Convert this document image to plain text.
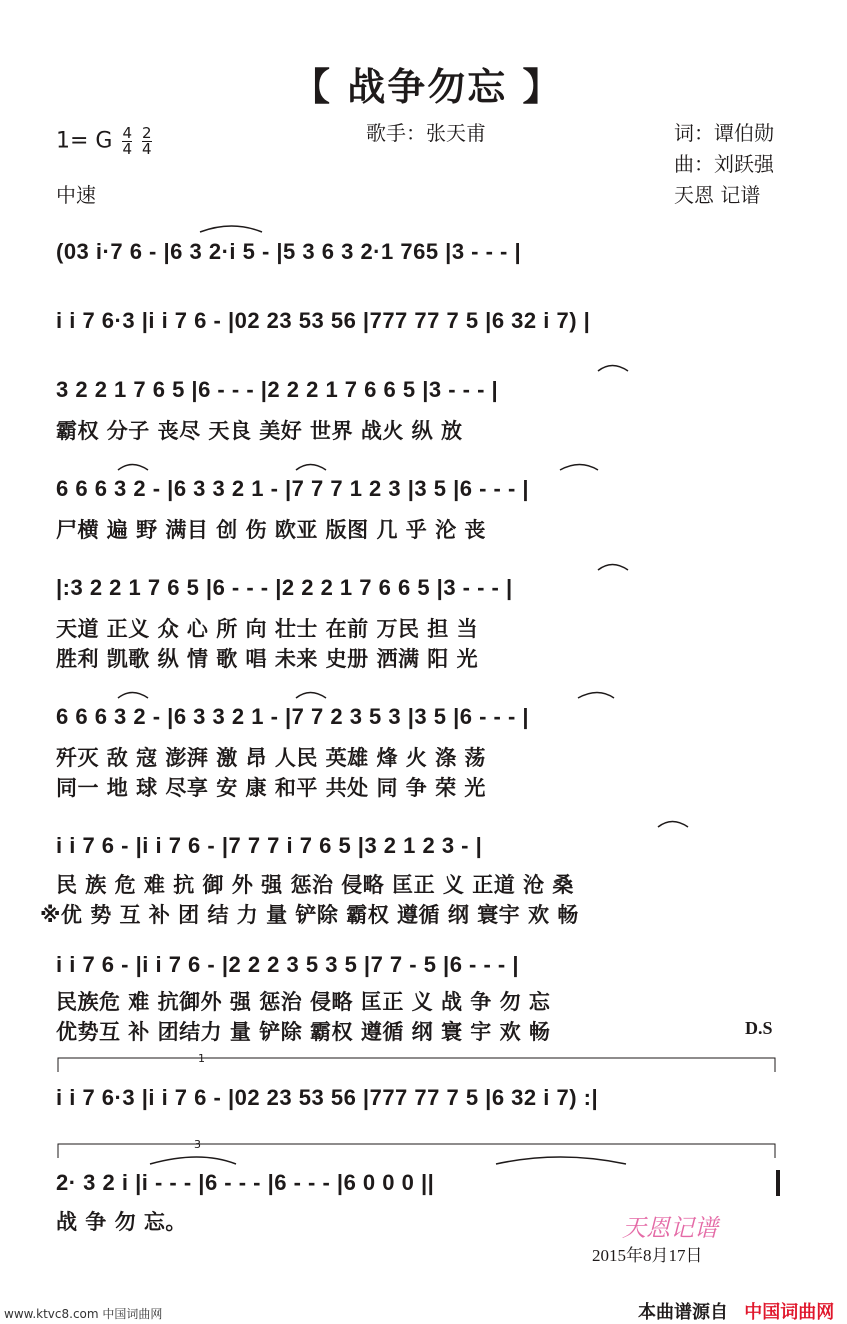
【 战争勿忘 】
1= G $\frac{4}{4}$
$\frac{2}{4}$	歌手：张天甫	词：谭伯勋
曲：刘跃强
天恩 记谱
中速
(03 i·7 6 - |6 3 2·i 5 - |5 3 6 3 2·1 765 |3 - - - |
i i 7 6·3 |i i 7 6 - |02 23 53 56 |777 77 7 5 |6 32 i 7) |
3 2 2 1 7 6 5 |6 - - - |2 2 2 1 7 6 6 5 |3 - - - |
霸权 分子 丧尽 天良 美好 世界 战火 纵 放
6 6 6 3 2 - |6 3 3 2 1 - |7 7 7 1 2 3 |3 5 |6 - - - |
尸横 遍 野 满目 创 伤 欧亚 版图 几 乎 沦 丧
|:3 2 2 1 7 6 5 |6 - - - |2 2 2 1 7 6 6 5 |3 - - - |
天道 正义 众 心 所 向 壮士 在前 万民 担 当
胜利 凯歌 纵 情 歌 唱 未来 史册 洒满 阳 光
6 6 6 3 2 - |6 3 3 2 1 - |7 7 2 3 5 3 |3 5 |6 - - - |
歼灭 敌 寇 澎湃 激 昂 人民 英雄 烽 火 涤 荡
同一 地 球 尽享 安 康 和平 共处 同 争 荣 光
i i 7 6 - |i i 7 6 - |7 7 7 i 7 6 5 |3 2 1 2 3 - |
民 族 危 难 抗 御 外 强 惩治 侵略 匡正 义 正道 沧 桑
※优 势 互 补 团 结 力 量 铲除 霸权 遵循 纲 寰宇 欢 畅
i i 7 6 - |i i 7 6 - |2 2 2 3 5 3 5 |7 7 - 5 |6 - - - |
民族危 难 抗御外 强 惩治 侵略 匡正 义 战 争 勿 忘
优势互 补 团结力 量 铲除 霸权 遵循 纲 寰 宇 欢 畅	D.S
1
i i 7 6·3 |i i 7 6 - |02 23 53 56 |777 77 7 5 |6 32 i 7) :|
3
2· 3 2 i |i - - - |6 - - - |6 - - - |6 0 0 0 ||
战 争 勿 忘。	天恩记谱
2015年8月17日
www.ktvc8.com 中国词曲网	本曲谱源自 中国词曲网
